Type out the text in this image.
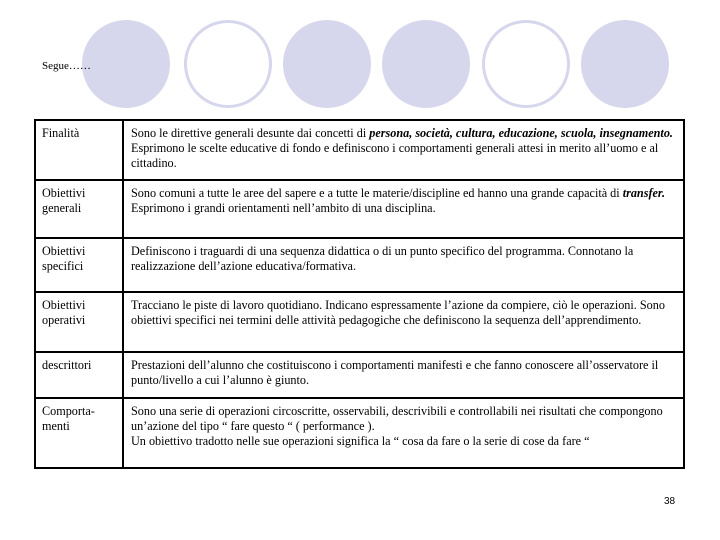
Segue……
Finalità	Sono le direttive generali desunte dai concetti di persona, società, cultura, educazione, scuola, insegnamento. Esprimono le scelte educative di fondo e definiscono i comportamenti generali attesi in merito all’uomo e al cittadino.
Obiettivi generali	Sono comuni a tutte le aree del sapere e a tutte le materie/discipline ed hanno una grande capacità di transfer. Esprimono i grandi orientamenti nell’ambito di una disciplina.
Obiettivi specifici	Definiscono i traguardi di una sequenza didattica o di un punto specifico del programma. Connotano la realizzazione dell’azione educativa/formativa.
Obiettivi operativi	Tracciano le piste di lavoro quotidiano. Indicano espressamente l’azione da compiere, ciò le operazioni. Sono obiettivi specifici nei termini delle attività pedagogiche che definiscono la sequenza dell’apprendimento.
descrittori	Prestazioni dell’alunno che costituiscono i comportamenti manifesti e che fanno conoscere all’osservatore il punto/livello a cui l’alunno è giunto.
Comporta-menti	Sono una serie di operazioni circoscritte, osservabili, descrivibili e controllabili nei risultati che compongono un’azione del tipo “ fare questo “ ( performance ).
Un obiettivo tradotto nelle sue operazioni significa la “ cosa da fare o la serie di cose da fare “
38
